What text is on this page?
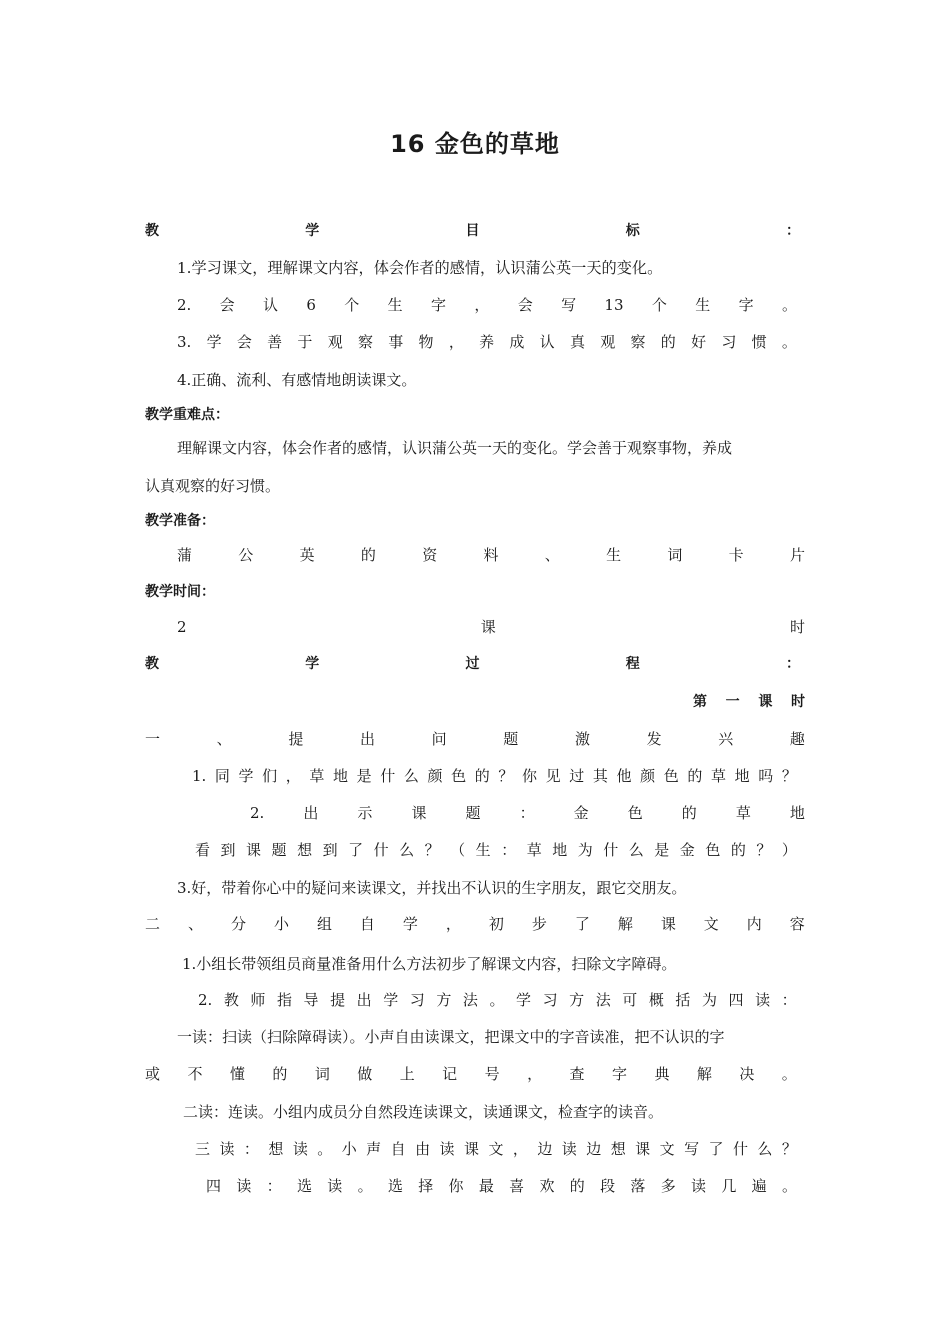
16 金色的草地
教	学	目	标	：
1.学习课文，理解课文内容，体会作者的感情，认识蒲公英一天的变化。
2. 会 认 6 个 生 字 ， 会 写 13 个 生 字 。
3. 学 会 善 于 观 察 事 物 ， 养 成 认 真 观 察 的 好 习 惯 。
4.正确、流利、有感情地朗读课文。
教学重难点：
理解课文内容，体会作者的感情，认识蒲公英一天的变化。学会善于观察事物，养成
认真观察的好习惯。
教学准备：
蒲	公	英	的	资	料	、	生	词	卡	片
教学时间：
2	课	时
教	学	过	程	：
第 一 课 时
一	、	提	出	问	题	激	发	兴	趣
1. 同 学 们 ， 草 地 是 什 么 颜 色 的 ？ 你 见 过 其 他 颜 色 的 草 地 吗 ？
2.	出	示	课	题	：	金	色	的	草	地
看 到 课 题 想 到 了 什 么 ？ （ 生 ： 草 地 为 什 么 是 金 色 的 ？ ）
3.好，带着你心中的疑问来读课文，并找出不认识的生字朋友，跟它交朋友。
二 、 分 小 组 自 学 ， 初 步 了 解 课 文 内 容
1.小组长带领组员商量准备用什么方法初步了解课文内容，扫除文字障碍。
2. 教 师 指 导 提 出 学 习 方 法 。 学 习 方 法 可 概 括 为 四 读 ：
一读：扫读（扫除障碍读）。小声自由读课文，把课文中的字音读准，把不认识的字
或 不 懂 的 词 做 上 记 号 ， 查 字 典 解 决 。
二读：连读。小组内成员分自然段连读课文，读通课文，检查字的读音。
三 读 ： 想 读 。 小 声 自 由 读 课 文 ， 边 读 边 想 课 文 写 了 什 么 ？
四 读 ： 选 读 。 选 择 你 最 喜 欢 的 段 落 多 读 几 遍 。
